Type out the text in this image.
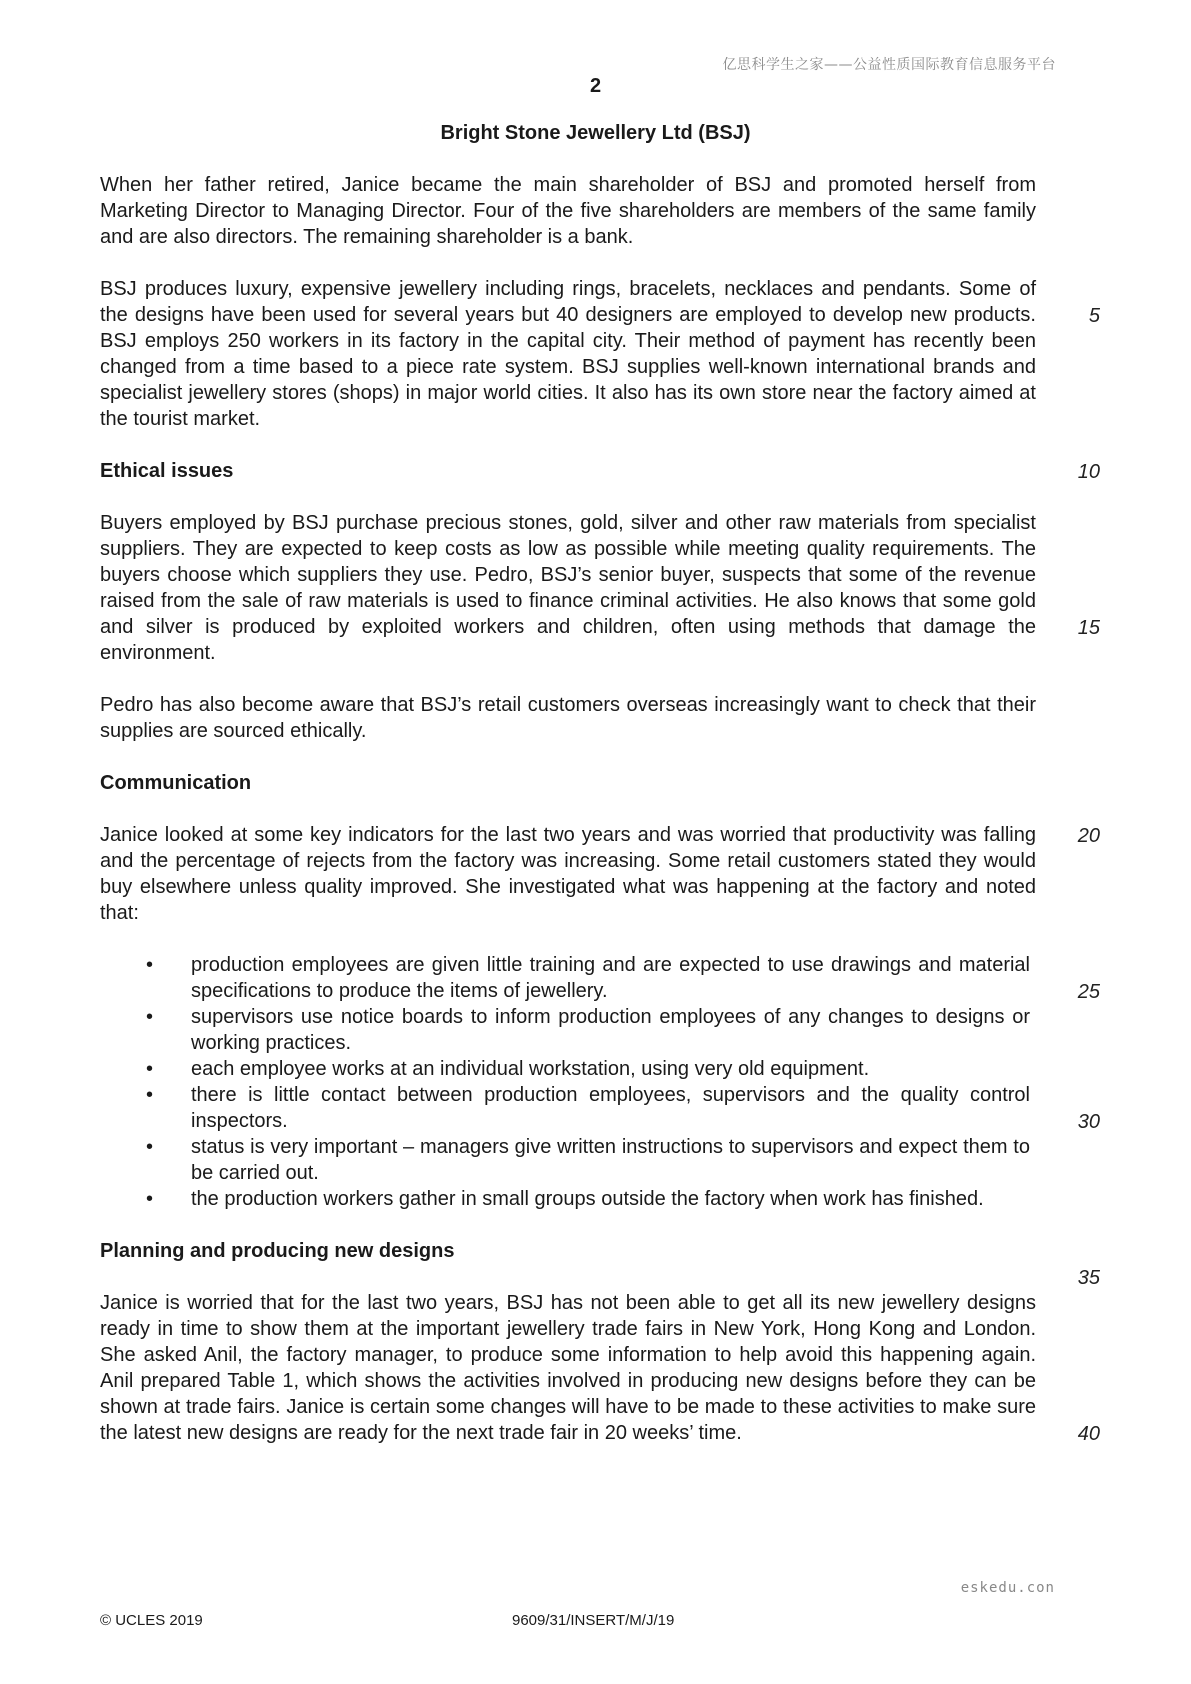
亿思科学生之家——公益性质国际教育信息服务平台
2
Bright Stone Jewellery Ltd (BSJ)

When her father retired, Janice became the main shareholder of BSJ and promoted herself from Marketing Director to Managing Director. Four of the five shareholders are members of the same family and are also directors. The remaining shareholder is a bank.

BSJ produces luxury, expensive jewellery including rings, bracelets, necklaces and pendants. Some of the designs have been used for several years but 40 designers are employed to develop new products. BSJ employs 250 workers in its factory in the capital city. Their method of payment has recently been changed from a time based to a piece rate system. BSJ supplies well-known international brands and specialist jewellery stores (shops) in major world cities. It also has its own store near the factory aimed at the tourist market.

Ethical issues

Buyers employed by BSJ purchase precious stones, gold, silver and other raw materials from specialist suppliers. They are expected to keep costs as low as possible while meeting quality requirements. The buyers choose which suppliers they use. Pedro, BSJ’s senior buyer, suspects that some of the revenue raised from the sale of raw materials is used to finance criminal activities. He also knows that some gold and silver is produced by exploited workers and children, often using methods that damage the environment.

Pedro has also become aware that BSJ’s retail customers overseas increasingly want to check that their supplies are sourced ethically.

Communication

Janice looked at some key indicators for the last two years and was worried that productivity was falling and the percentage of rejects from the factory was increasing. Some retail customers stated they would buy elsewhere unless quality improved. She investigated what was happening at the factory and noted that:

• production employees are given little training and are expected to use drawings and material specifications to produce the items of jewellery.
• supervisors use notice boards to inform production employees of any changes to designs or working practices.
• each employee works at an individual workstation, using very old equipment.
• there is little contact between production employees, supervisors and the quality control inspectors.
• status is very important – managers give written instructions to supervisors and expect them to be carried out.
• the production workers gather in small groups outside the factory when work has finished.
Planning and producing new designs

Janice is worried that for the last two years, BSJ has not been able to get all its new jewellery designs ready in time to show them at the important jewellery trade fairs in New York, Hong Kong and London. She asked Anil, the factory manager, to produce some information to help avoid this happening again. Anil prepared Table 1, which shows the activities involved in producing new designs before they can be shown at trade fairs. Janice is certain some changes will have to be made to these activities to make sure the latest new designs are ready for the next trade fair in 20 weeks’ time.

5
10
15
20
25
30
35
40
eskedu.con
© UCLES 2019	9609/31/INSERT/M/J/19
